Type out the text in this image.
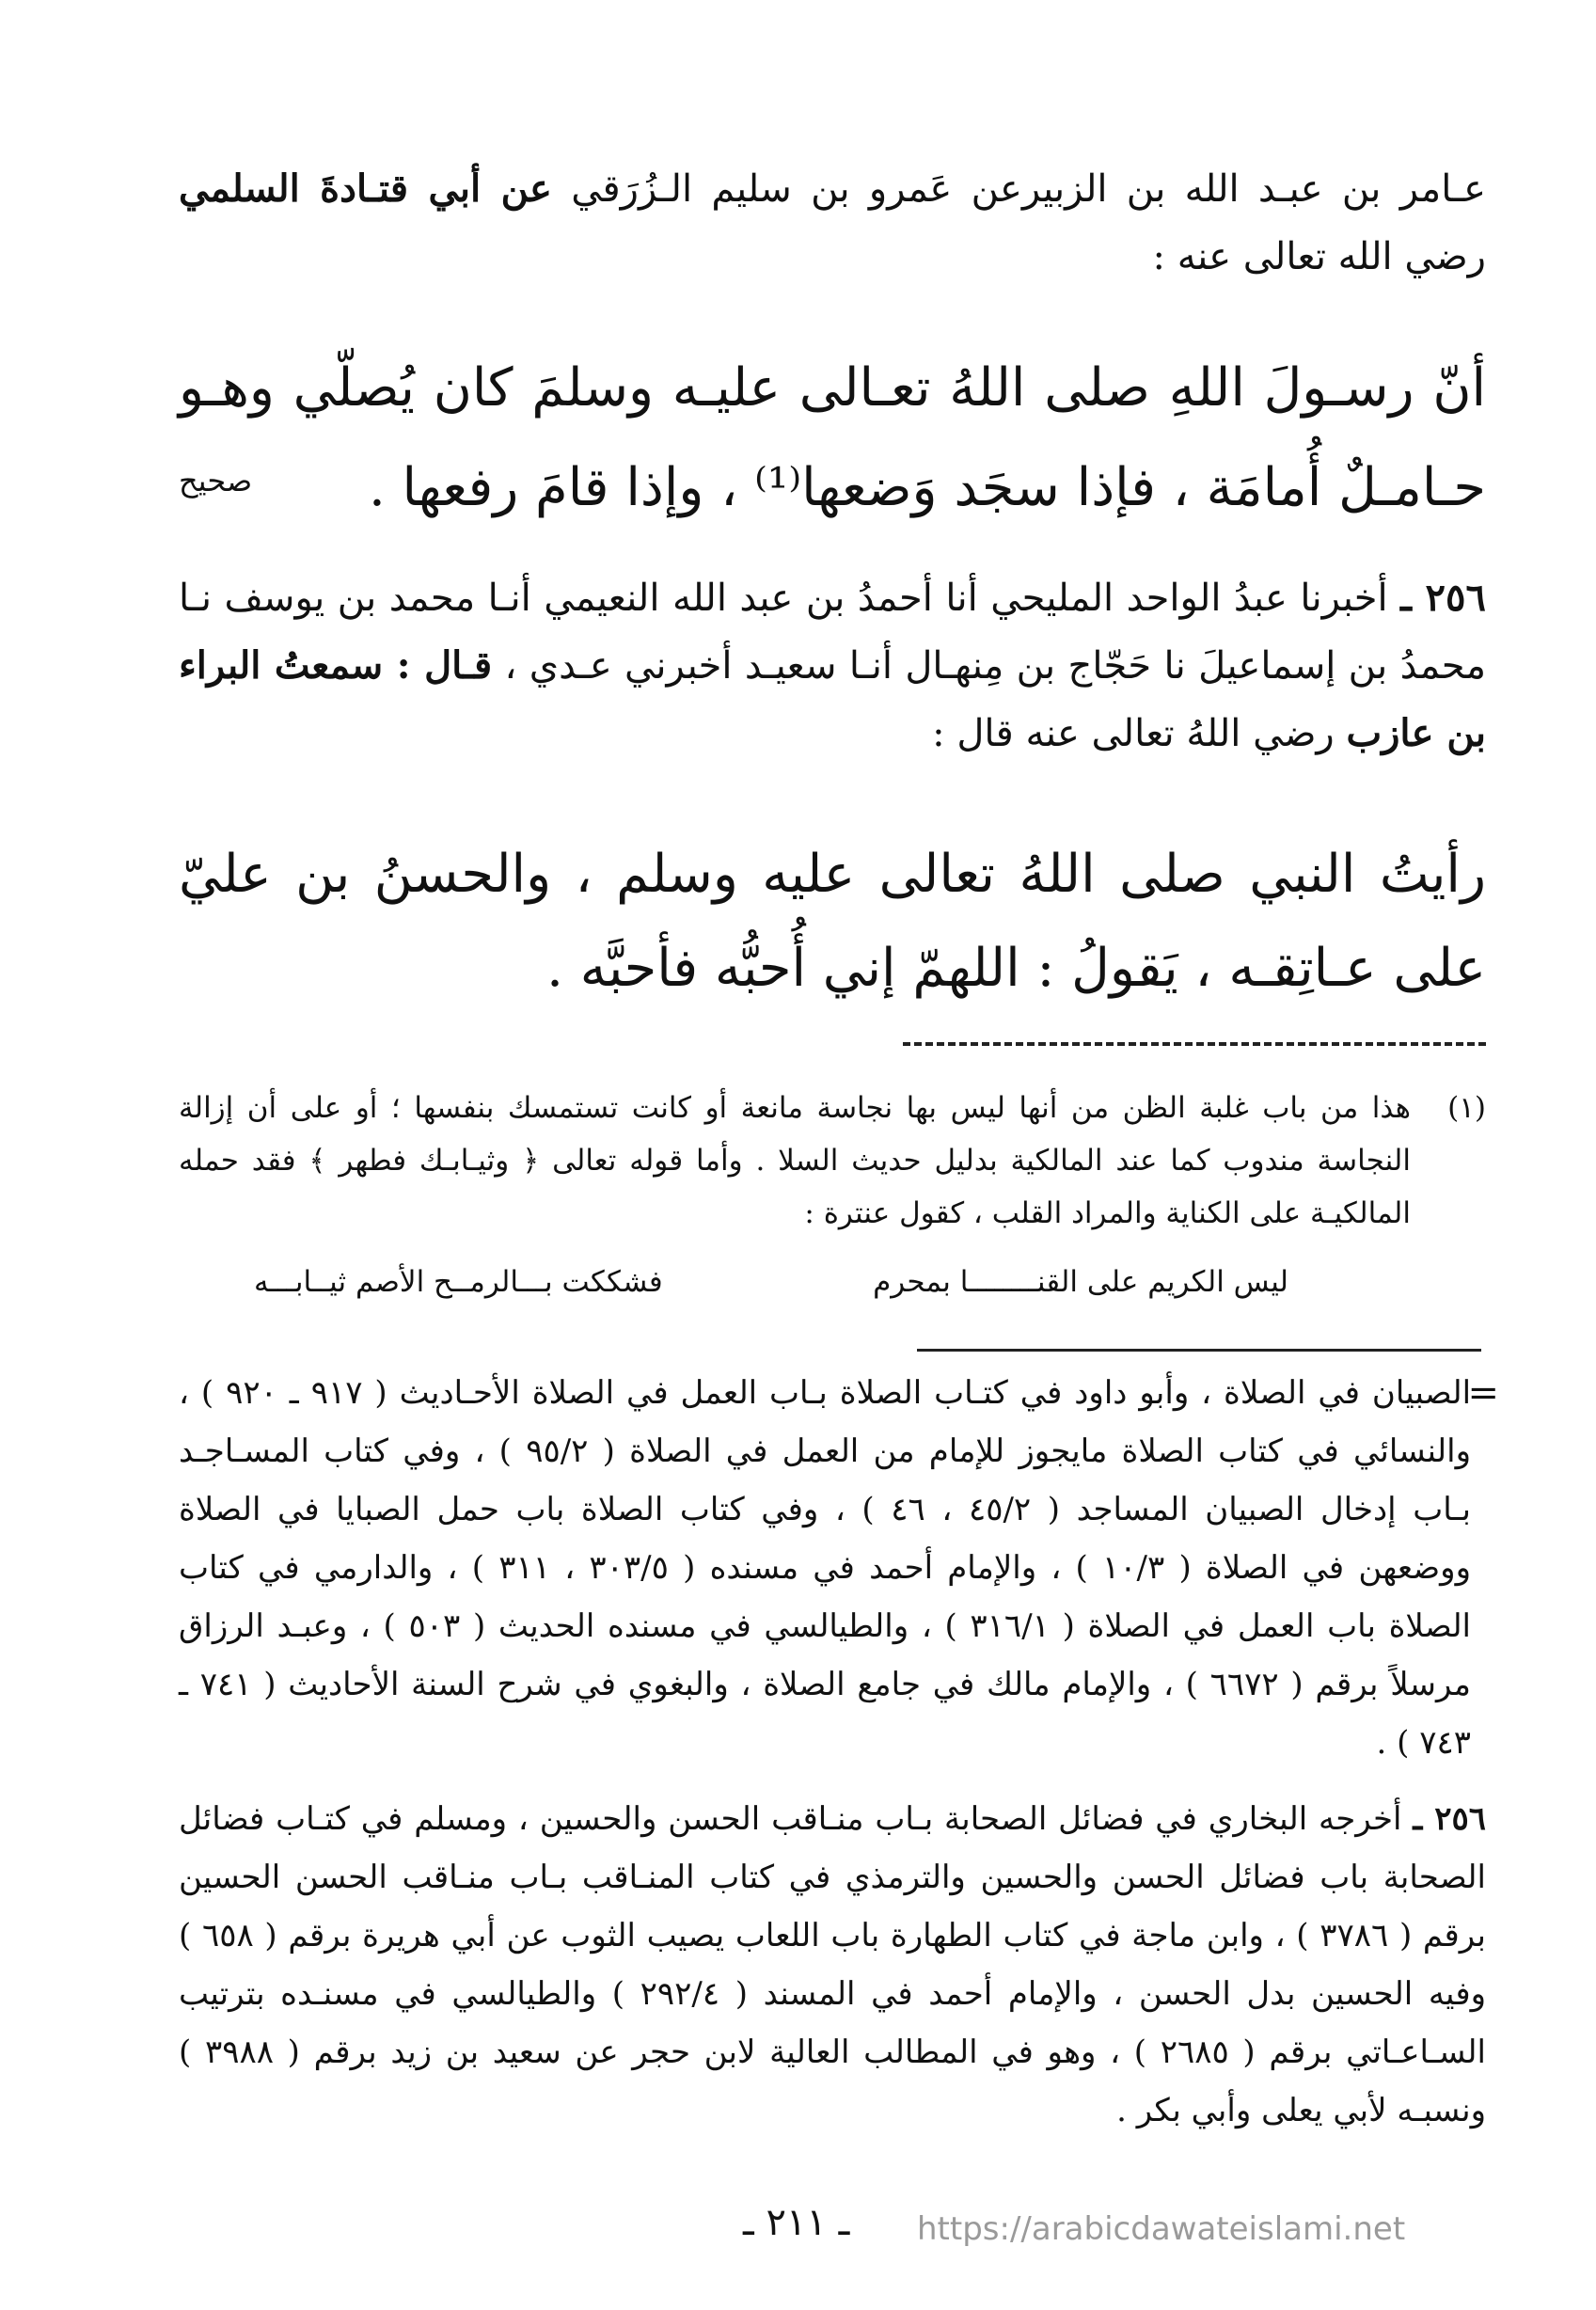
عـامر بن عبـد الله بن الزبيرعن عَمرو بن سليم الـزُرَقي عن أبي قتـادةَ السلمي رضي الله تعالى عنه :
أنّ رسـولَ اللهِ صلى اللهُ تعـالى عليـه وسلمَ كان يُصلّي وهـو حـامـلٌ أُمامَة ، فإذا سجَد وَضعها⁽¹⁾ ، وإذا قامَ رفعها .
صحيح
٢٥٦ ـ أخبرنا عبدُ الواحد المليحي أنا أحمدُ بن عبد الله النعيمي أنـا محمد بن يوسف نـا محمدُ بن إسماعيلَ نا حَجّاج بن مِنهـال أنـا سعيـد أخبرني عـدي ، قـال : سمعتُ البراء بن عازب رضي اللهُ تعالى عنه قال :
رأيتُ النبي صلى اللهُ تعالى عليه وسلم ، والحسنُ بن عليّ على عـاتِقـه ، يَقولُ : اللهمّ إني أُحبُّه فأحبَّه .
(١)
هذا من باب غلبة الظن من أنها ليس بها نجاسة مانعة أو كانت تستمسك بنفسها ؛ أو على أن إزالة النجاسة مندوب كما عند المالكية بدليل حديث السلا . وأما قوله تعالى ﴿ وثيـابـك فطهر ﴾ فقد حمله المالكيـة على الكناية والمراد القلب ، كقول عنترة :
ليس الكريم على القنــــــــا بمحرم
فشككت بـــالرمــح الأصم ثيــابـــه
=
الصبيان في الصلاة ، وأبو داود في كتـاب الصلاة بـاب العمل في الصلاة الأحـاديث ( ٩١٧ ـ ٩٢٠ ) ، والنسائي في كتاب الصلاة مايجوز للإمام من العمل في الصلاة ( ٩٥/٢ ) ، وفي كتاب المسـاجـد بـاب إدخال الصبيان المساجد ( ٤٥/٢ ، ٤٦ ) ، وفي كتاب الصلاة باب حمل الصبايا في الصلاة ووضعهن في الصلاة ( ١٠/٣ ) ، والإمام أحمد في مسنده ( ٣٠٣/٥ ، ٣١١ ) ، والدارمي في كتاب الصلاة باب العمل في الصلاة ( ٣١٦/١ ) ، والطيالسي في مسنده الحديث ( ٥٠٣ ) ، وعبـد الرزاق مرسلاً برقم ( ٦٦٧٢ ) ، والإمام مالك في جامع الصلاة ، والبغوي في شرح السنة الأحاديث ( ٧٤١ ـ ٧٤٣ ) .
٢٥٦ ـ أخرجه البخاري في فضائل الصحابة بـاب منـاقب الحسن والحسين ، ومسلم في كتـاب فضائل الصحابة باب فضائل الحسن والحسين والترمذي في كتاب المنـاقب بـاب منـاقب الحسن الحسين برقم ( ٣٧٨٦ ) ، وابن ماجة في كتاب الطهارة باب اللعاب يصيب الثوب عن أبي هريرة برقم ( ٦٥٨ ) وفيه الحسين بدل الحسن ، والإمام أحمد في المسند ( ٢٩٢/٤ ) والطيالسي في مسنـده بترتيب السـاعـاتي برقم ( ٢٦٨٥ ) ، وهو في المطالب العالية لابن حجر عن سعيد بن زيد برقم ( ٣٩٨٨ ) ونسبـه لأبي يعلى وأبي بكر .
ـ ٢١١ ـ https://arabicdawateislami.net
